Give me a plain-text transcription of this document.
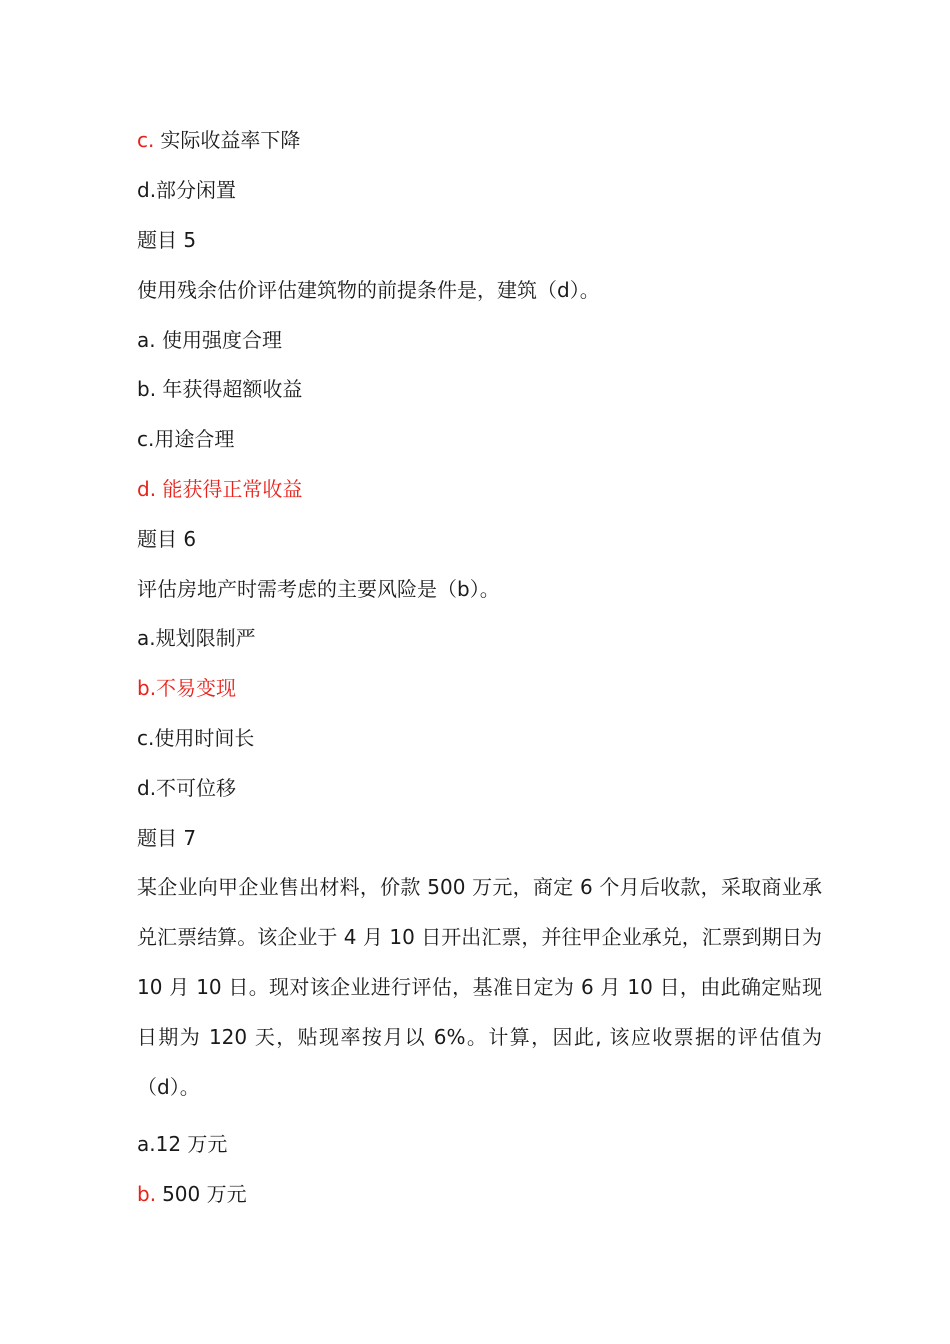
c. 实际收益率下降
d.部分闲置
题目 5
使用残余估价评估建筑物的前提条件是，建筑（d）。
a. 使用强度合理
b. 年获得超额收益
c.用途合理
d. 能获得正常收益
题目 6
评估房地产时需考虑的主要风险是（b）。
a.规划限制严
b.不易变现
c.使用时间长
d.不可位移
题目 7
某企业向甲企业售出材料，价款 500 万元，商定 6 个月后收款，采取商业承兑汇票结算。该企业于 4 月 10 日开出汇票，并往甲企业承兑，汇票到期日为 10 月 10 日。现对该企业进行评估，基准日定为 6 月 10 日，由此确定贴现日期为 120 天，贴现率按月以 6%。计算，因此, 该应收票据的评估值为（d）。
a.12 万元
b. 500 万元
